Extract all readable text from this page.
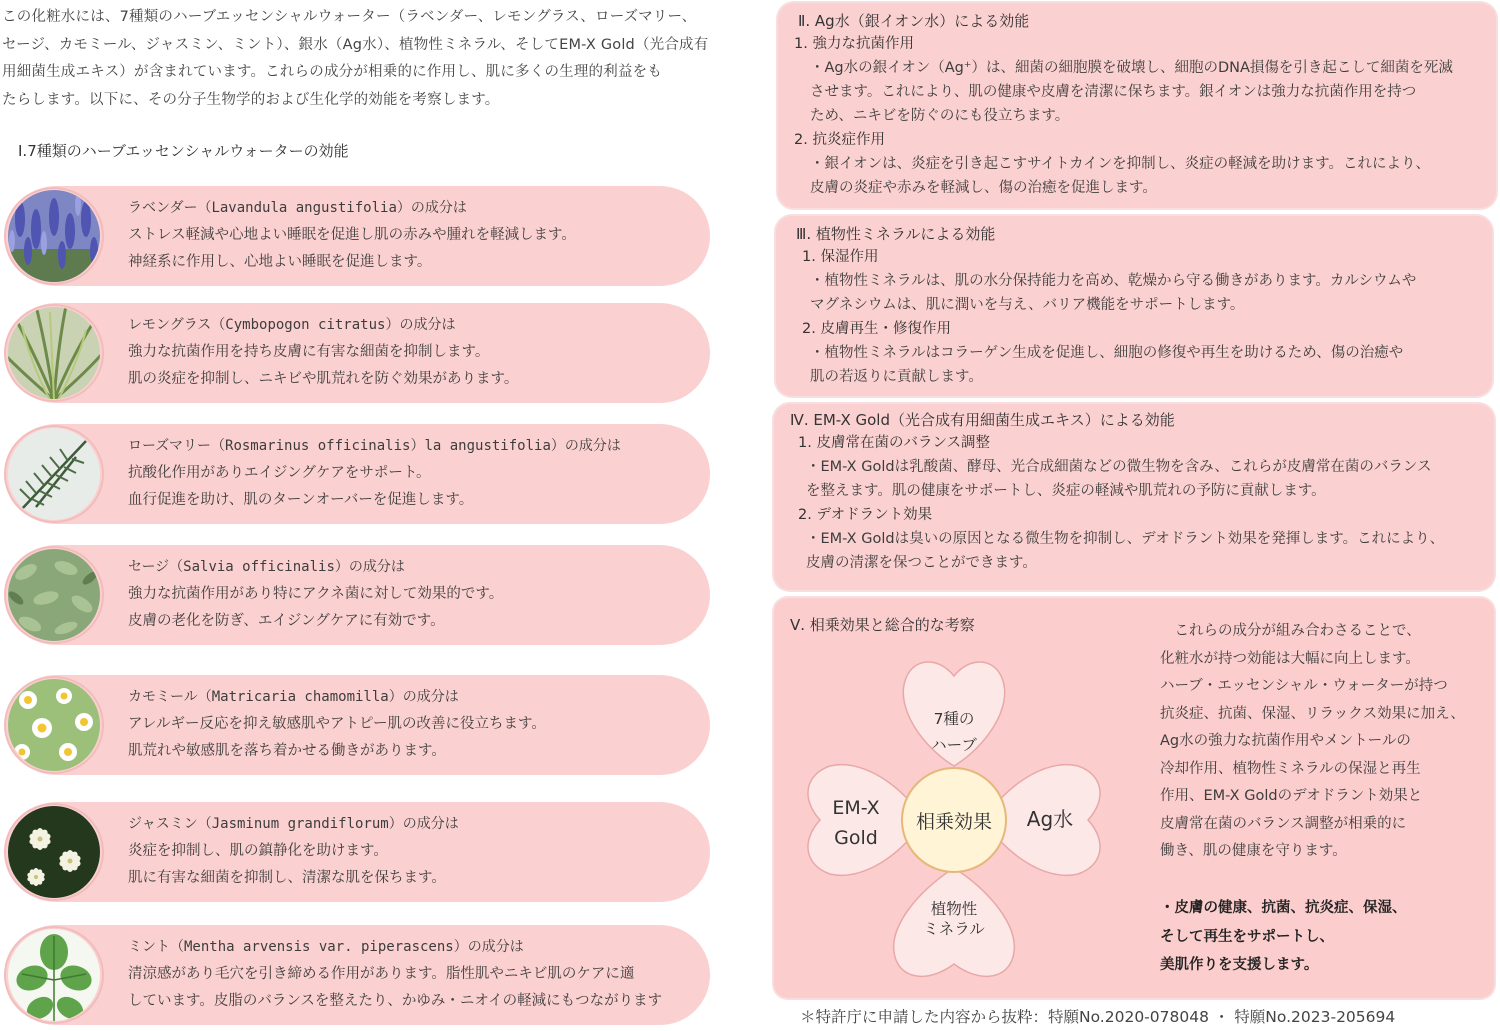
この化粧水には、7種類のハーブエッセンシャルウォーター（ラベンダー、レモングラス、ローズマリー、
セージ、カモミール、ジャスミン、ミント）、銀水（Ag水）、植物性ミネラル、そしてEM-X Gold（光合成有
用細菌生成エキス）が含まれています。これらの成分が相乗的に作用し、肌に多くの生理的利益をも
たらします。以下に、その分子生物学的および生化学的効能を考察します。
Ⅰ.7種類のハーブエッセンシャルウォーターの効能
ラベンダー（Lavandula angustifolia）の成分は
ストレス軽減や心地よい睡眠を促進し肌の赤みや腫れを軽減します。
神経系に作用し、心地よい睡眠を促進します。
レモングラス（Cymbopogon citratus）の成分は
強力な抗菌作用を持ち皮膚に有害な細菌を抑制します。
肌の炎症を抑制し、ニキビや肌荒れを防ぐ効果があります。
ローズマリー（Rosmarinus officinalis）la angustifolia）の成分は
抗酸化作用がありエイジングケアをサポート。
血行促進を助け、肌のターンオーバーを促進します。
セージ（Salvia officinalis）の成分は
強力な抗菌作用があり特にアクネ菌に対して効果的です。
皮膚の老化を防ぎ、エイジングケアに有効です。
カモミール（Matricaria chamomilla）の成分は
アレルギー反応を抑え敏感肌やアトピー肌の改善に役立ちます。
肌荒れや敏感肌を落ち着かせる働きがあります。
ジャスミン（Jasminum grandiflorum）の成分は
炎症を抑制し、肌の鎮静化を助けます。
肌に有害な細菌を抑制し、清潔な肌を保ちます。
ミント（Mentha arvensis var. piperascens）の成分は
清涼感があり毛穴を引き締める作用があります。脂性肌やニキビ肌のケアに適
しています。皮脂のバランスを整えたり、かゆみ・ニオイの軽減にもつながります
Ⅱ. Ag水（銀イオン水）による効能
1. 強力な抗菌作用
・Ag水の銀イオン（Ag⁺）は、細菌の細胞膜を破壊し、細胞のDNA損傷を引き起こして細菌を死滅
させます。これにより、肌の健康や皮膚を清潔に保ちます。銀イオンは強力な抗菌作用を持つ
ため、ニキビを防ぐのにも役立ちます。
2. 抗炎症作用
・銀イオンは、炎症を引き起こすサイトカインを抑制し、炎症の軽減を助けます。これにより、
皮膚の炎症や赤みを軽減し、傷の治癒を促進します。
Ⅲ. 植物性ミネラルによる効能
1. 保湿作用
・植物性ミネラルは、肌の水分保持能力を高め、乾燥から守る働きがあります。カルシウムや
マグネシウムは、肌に潤いを与え、バリア機能をサポートします。
2. 皮膚再生・修復作用
・植物性ミネラルはコラーゲン生成を促進し、細胞の修復や再生を助けるため、傷の治癒や
肌の若返りに貢献します。
Ⅳ. EM-X Gold（光合成有用細菌生成エキス）による効能
1. 皮膚常在菌のバランス調整
・EM-X Goldは乳酸菌、酵母、光合成細菌などの微生物を含み、これらが皮膚常在菌のバランス
を整えます。肌の健康をサポートし、炎症の軽減や肌荒れの予防に貢献します。
2. デオドラント効果
・EM-X Goldは臭いの原因となる微生物を抑制し、デオドラント効果を発揮します。これにより、
皮膚の清潔を保つことができます。
Ⅴ. 相乗効果と総合的な考察
相乗効果
7種の
ハーブ
Ag水
植物性
ミネラル
EM-X
Gold
　これらの成分が組み合わさることで、
化粧水が持つ効能は大幅に向上します。
ハーブ・エッセンシャル・ウォーターが持つ
抗炎症、抗菌、保湿、リラックス効果に加え、
Ag水の強力な抗菌作用やメントールの
冷却作用、植物性ミネラルの保湿と再生
作用、EM-X Goldのデオドラント効果と
皮膚常在菌のバランス調整が相乗的に
働き、肌の健康を守ります。
・皮膚の健康、抗菌、抗炎症、保湿、
そして再生をサポートし、
美肌作りを支援します。
＊特許庁に申請した内容から抜粋：特願No.2020-078048 ・ 特願No.2023-205694
